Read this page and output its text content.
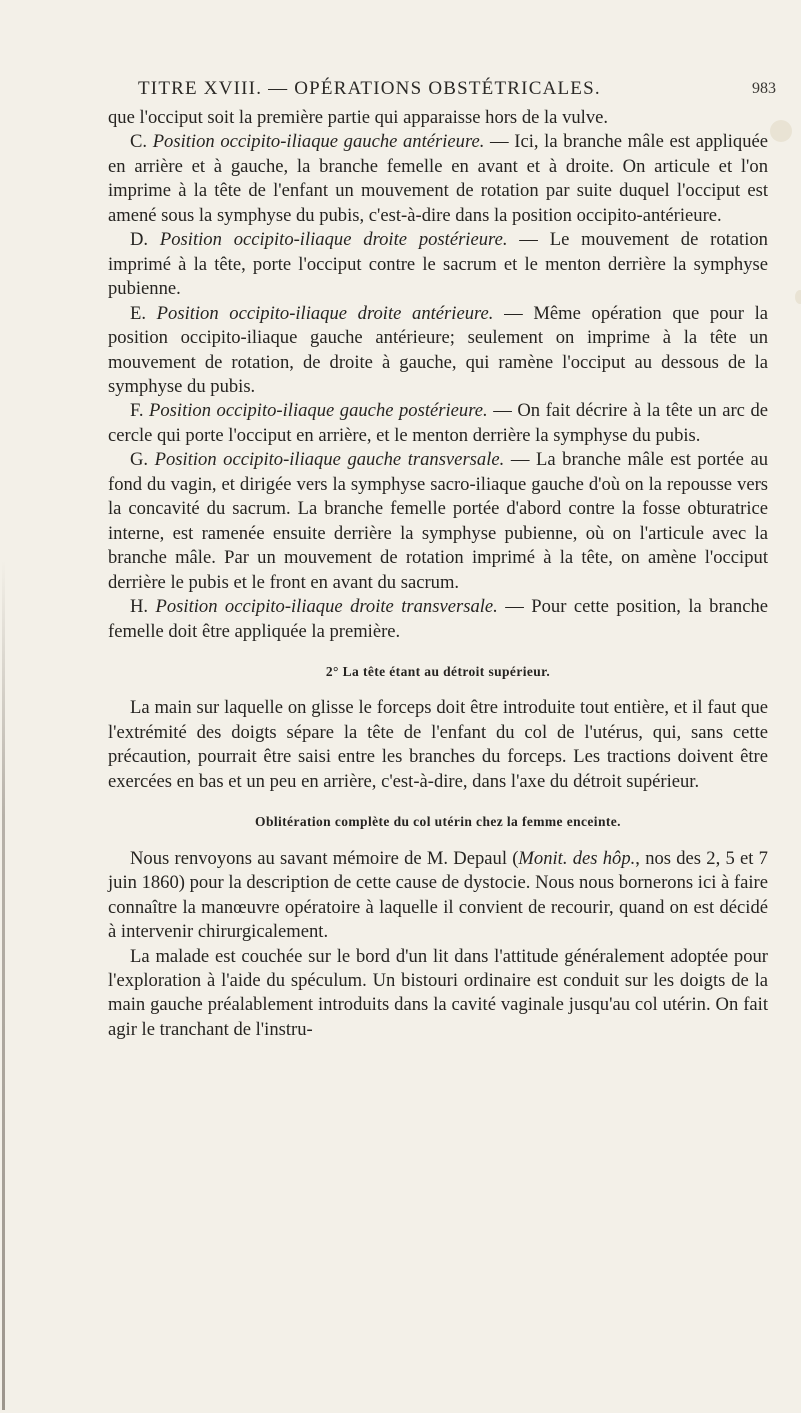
TITRE XVIII. — OPÉRATIONS OBSTÉTRICALES.	983

que l'occiput soit la première partie qui apparaisse hors de la vulve.

C. Position occipito-iliaque gauche antérieure. — Ici, la branche mâle est appliquée en arrière et à gauche, la branche femelle en avant et à droite. On articule et l'on imprime à la tête de l'enfant un mouvement de rotation par suite duquel l'occiput est amené sous la symphyse du pubis, c'est-à-dire dans la position occipito-antérieure.

D. Position occipito-iliaque droite postérieure. — Le mouvement de rotation imprimé à la tête, porte l'occiput contre le sacrum et le menton derrière la symphyse pubienne.

E. Position occipito-iliaque droite antérieure. — Même opération que pour la position occipito-iliaque gauche antérieure; seulement on imprime à la tête un mouvement de rotation, de droite à gauche, qui ramène l'occiput au dessous de la symphyse du pubis.

F. Position occipito-iliaque gauche postérieure. — On fait décrire à la tête un arc de cercle qui porte l'occiput en arrière, et le menton derrière la symphyse du pubis.

G. Position occipito-iliaque gauche transversale. — La branche mâle est portée au fond du vagin, et dirigée vers la symphyse sacro-iliaque gauche d'où on la repousse vers la concavité du sacrum. La branche femelle portée d'abord contre la fosse obturatrice interne, est ramenée ensuite derrière la symphyse pubienne, où on l'articule avec la branche mâle. Par un mouvement de rotation imprimé à la tête, on amène l'occiput derrière le pubis et le front en avant du sacrum.

H. Position occipito-iliaque droite transversale. — Pour cette position, la branche femelle doit être appliquée la première.

2° La tête étant au détroit supérieur.

La main sur laquelle on glisse le forceps doit être introduite tout entière, et il faut que l'extrémité des doigts sépare la tête de l'enfant du col de l'utérus, qui, sans cette précaution, pourrait être saisi entre les branches du forceps. Les tractions doivent être exercées en bas et un peu en arrière, c'est-à-dire, dans l'axe du détroit supérieur.

Oblitération complète du col utérin chez la femme enceinte.

Nous renvoyons au savant mémoire de M. Depaul (Monit. des hôp., nos des 2, 5 et 7 juin 1860) pour la description de cette cause de dystocie. Nous nous bornerons ici à faire connaître la manœuvre opératoire à laquelle il convient de recourir, quand on est décidé à intervenir chirurgicalement.

La malade est couchée sur le bord d'un lit dans l'attitude généralement adoptée pour l'exploration à l'aide du spéculum. Un bistouri ordinaire est conduit sur les doigts de la main gauche préalablement introduits dans la cavité vaginale jusqu'au col utérin. On fait agir le tranchant de l'instru-
